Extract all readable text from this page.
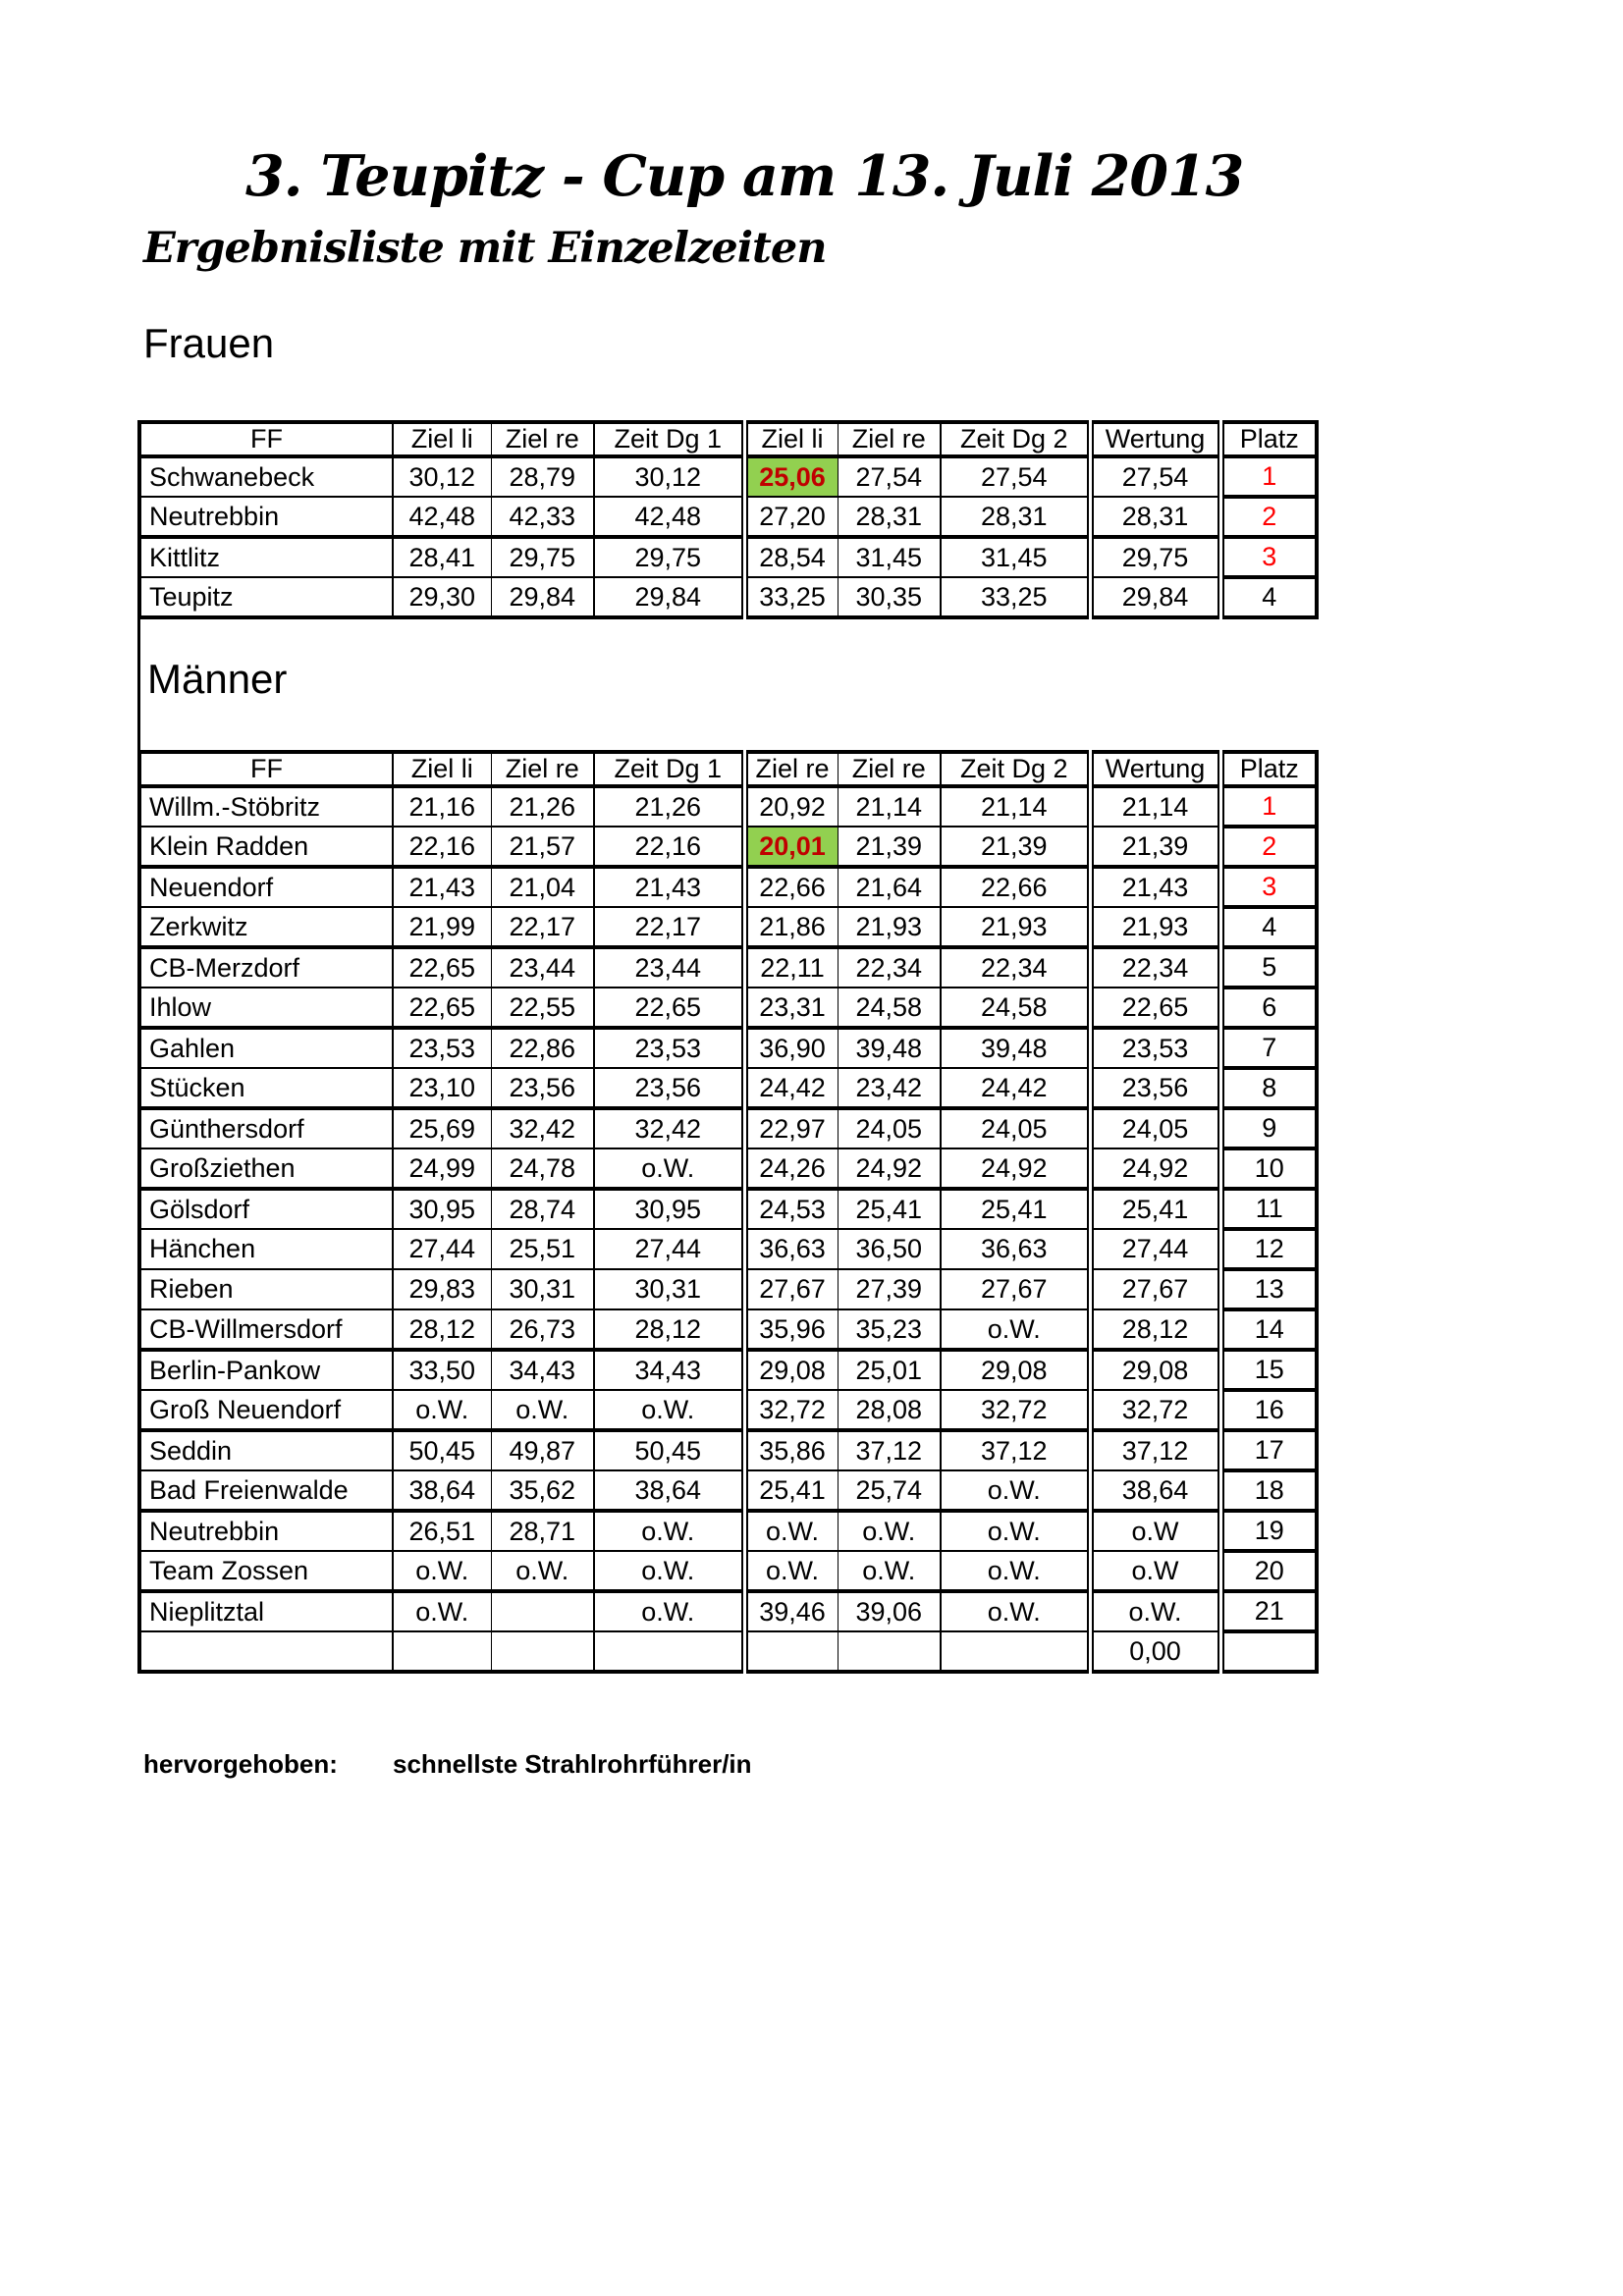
3. Teupitz - Cup am 13. Juli 2013
Ergebnisliste mit Einzelzeiten
Frauen
FF	Ziel li	Ziel re	Zeit Dg 1	Ziel li	Ziel re	Zeit Dg 2	Wertung	Platz
Schwanebeck	30,12	28,79	30,12	25,06	27,54	27,54	27,54	1
Neutrebbin	42,48	42,33	42,48	27,20	28,31	28,31	28,31	2
Kittlitz	28,41	29,75	29,75	28,54	31,45	31,45	29,75	3
Teupitz	29,30	29,84	29,84	33,25	30,35	33,25	29,84	4
Männer
FF	Ziel li	Ziel re	Zeit Dg 1	Ziel re	Ziel re	Zeit Dg 2	Wertung	Platz
Willm.-Stöbritz	21,16	21,26	21,26	20,92	21,14	21,14	21,14	1
Klein Radden	22,16	21,57	22,16	20,01	21,39	21,39	21,39	2
Neuendorf	21,43	21,04	21,43	22,66	21,64	22,66	21,43	3
Zerkwitz	21,99	22,17	22,17	21,86	21,93	21,93	21,93	4
CB-Merzdorf	22,65	23,44	23,44	22,11	22,34	22,34	22,34	5
Ihlow	22,65	22,55	22,65	23,31	24,58	24,58	22,65	6
Gahlen	23,53	22,86	23,53	36,90	39,48	39,48	23,53	7
Stücken	23,10	23,56	23,56	24,42	23,42	24,42	23,56	8
Günthersdorf	25,69	32,42	32,42	22,97	24,05	24,05	24,05	9
Großziethen	24,99	24,78	o.W.	24,26	24,92	24,92	24,92	10
Gölsdorf	30,95	28,74	30,95	24,53	25,41	25,41	25,41	11
Hänchen	27,44	25,51	27,44	36,63	36,50	36,63	27,44	12
Rieben	29,83	30,31	30,31	27,67	27,39	27,67	27,67	13
CB-Willmersdorf	28,12	26,73	28,12	35,96	35,23	o.W.	28,12	14
Berlin-Pankow	33,50	34,43	34,43	29,08	25,01	29,08	29,08	15
Groß Neuendorf	o.W.	o.W.	o.W.	32,72	28,08	32,72	32,72	16
Seddin	50,45	49,87	50,45	35,86	37,12	37,12	37,12	17
Bad Freienwalde	38,64	35,62	38,64	25,41	25,74	o.W.	38,64	18
Neutrebbin	26,51	28,71	o.W.	o.W.	o.W.	o.W.	o.W	19
Team Zossen	o.W.	o.W.	o.W.	o.W.	o.W.	o.W.	o.W	20
Nieplitztal	o.W.		o.W.	39,46	39,06	o.W.	o.W.	21
							0,00	
hervorgehoben: schnellste Strahlrohrführer/in
